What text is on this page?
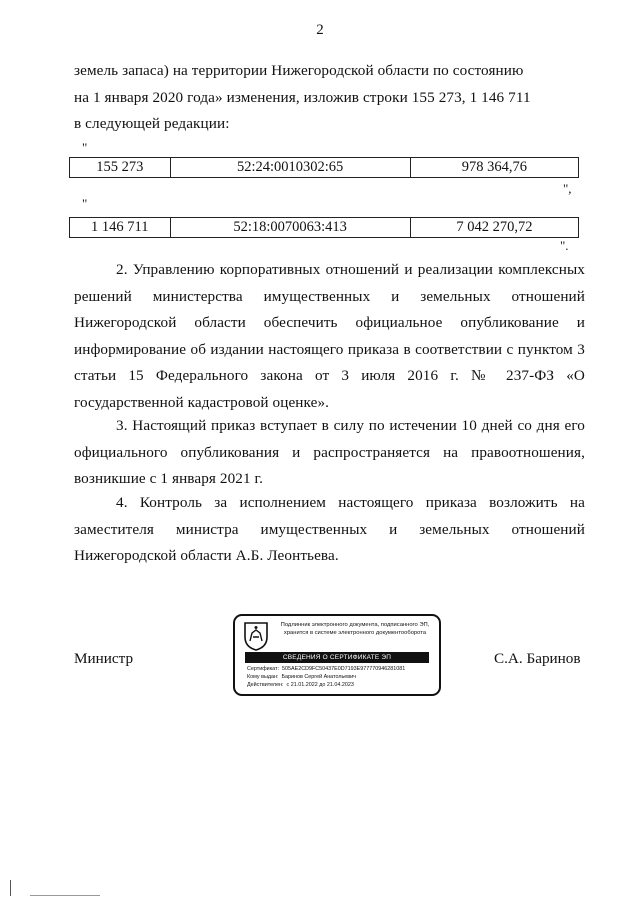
2

земель запаса) на территории Нижегородской области по состоянию

на 1 января 2020 года» изменения, изложив строки 155 273, 1 146 711

в следующей редакции:

"
155 273	52:24:0010302:65	978 364,76
",
"
1 146 711	52:18:0070063:413	7 042 270,72
".

2. Управлению корпоративных отношений и реализации комплексных решений министерства имущественных и земельных отношений Нижегородской области обеспечить официальное опубликование и информирование об издании настоящего приказа в соответствии с пунктом 3 статьи 15 Федерального закона от 3 июля 2016 г. № 237-ФЗ «О государственной кадастровой оценке».

3. Настоящий приказ вступает в силу по истечении 10 дней со дня его официального опубликования и распространяется на правоотношения, возникшие с 1 января 2021 г.

4. Контроль за исполнением настоящего приказа возложить на заместителя министра имущественных и земельных отношений Нижегородской области А.Б. Леонтьева.

Министр	С.А. Баринов
Подлинник электронного документа, подписанного ЭП,
хранится в системе электронного документооборота
СВЕДЕНИЯ О СЕРТИФИКАТЕ ЭП
Сертификат: 505AE2CD9FC50437E0D7193E977770946281081
Кому выдан: Баринов Сергей Анатольевич
Действителен: с 21.01.2022 до 21.04.2023
